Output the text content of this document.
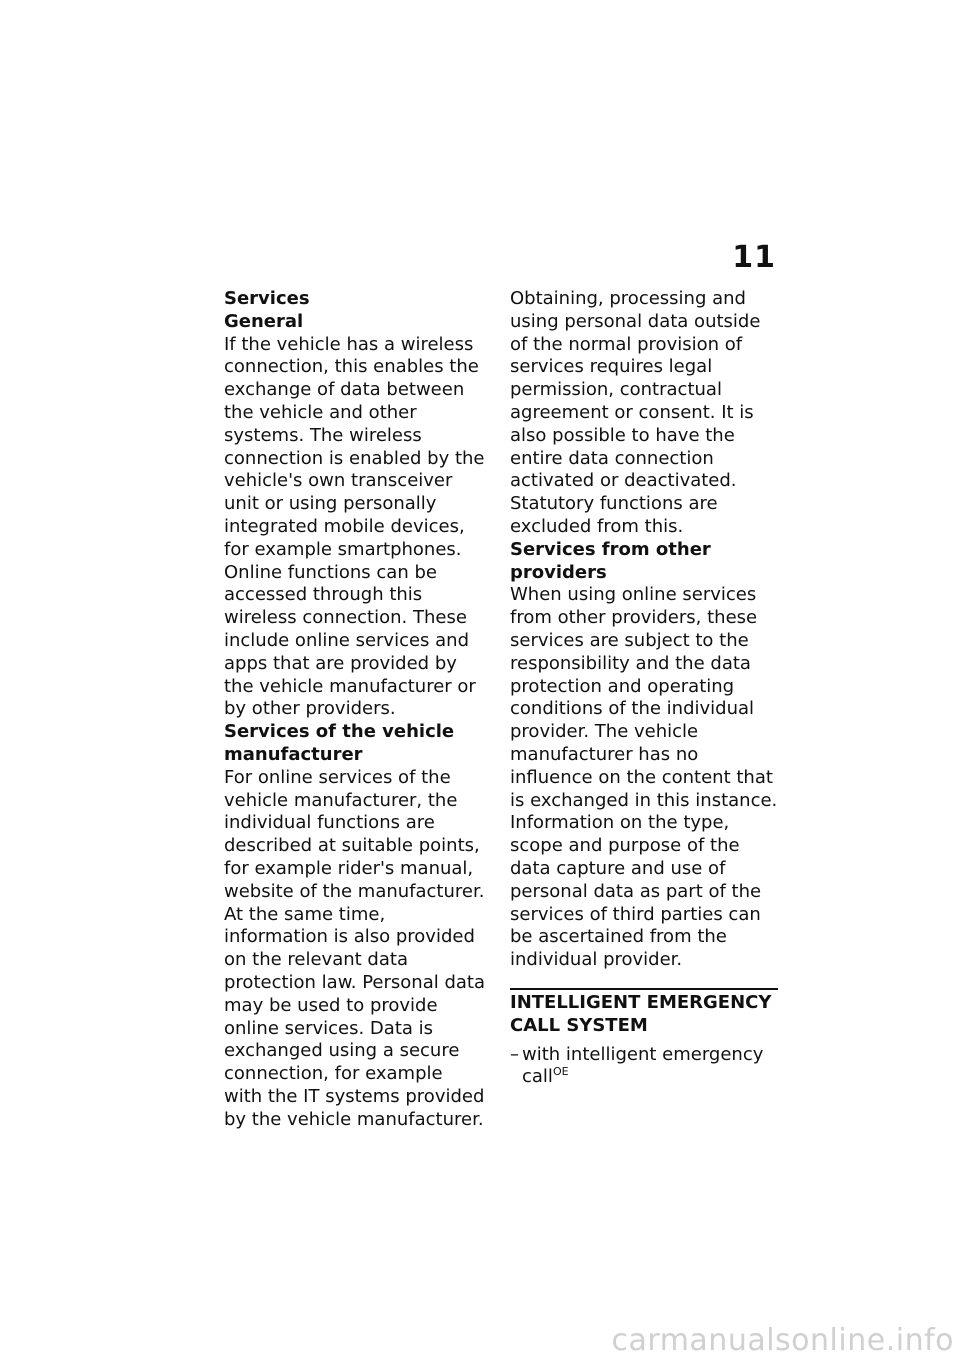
11

Services

General

If the vehicle has a wireless connection, this enables the exchange of data between the vehicle and other systems. The wireless connection is enabled by the vehicle's own transceiver unit or using personally integrated mobile devices, for example smartphones. Online functions can be accessed through this wireless connection. These include online services and apps that are provided by the vehicle manufacturer or by other providers.

Services of the vehicle manufacturer

For online services of the vehicle manufacturer, the individual functions are described at suitable points, for example rider's manual, website of the manufacturer. At the same time, information is also provided on the relevant data protection law. Personal data may be used to provide online services. Data is exchanged using a secure connection, for example with the IT systems provided by the vehicle manufacturer.

Obtaining, processing and using personal data outside of the normal provision of services requires legal permission, contractual agreement or consent. It is also possible to have the entire data connection activated or deactivated. Statutory functions are excluded from this.

Services from other providers

When using online services from other providers, these services are subject to the responsibility and the data protection and operating conditions of the individual provider. The vehicle manufacturer has no influence on the content that is exchanged in this instance. Information on the type, scope and purpose of the data capture and use of personal data as part of the services of third parties can be ascertained from the individual provider.

INTELLIGENT EMERGENCY CALL SYSTEM
– with intelligent emergency call$^{OE}$
carmanualsonline.info
